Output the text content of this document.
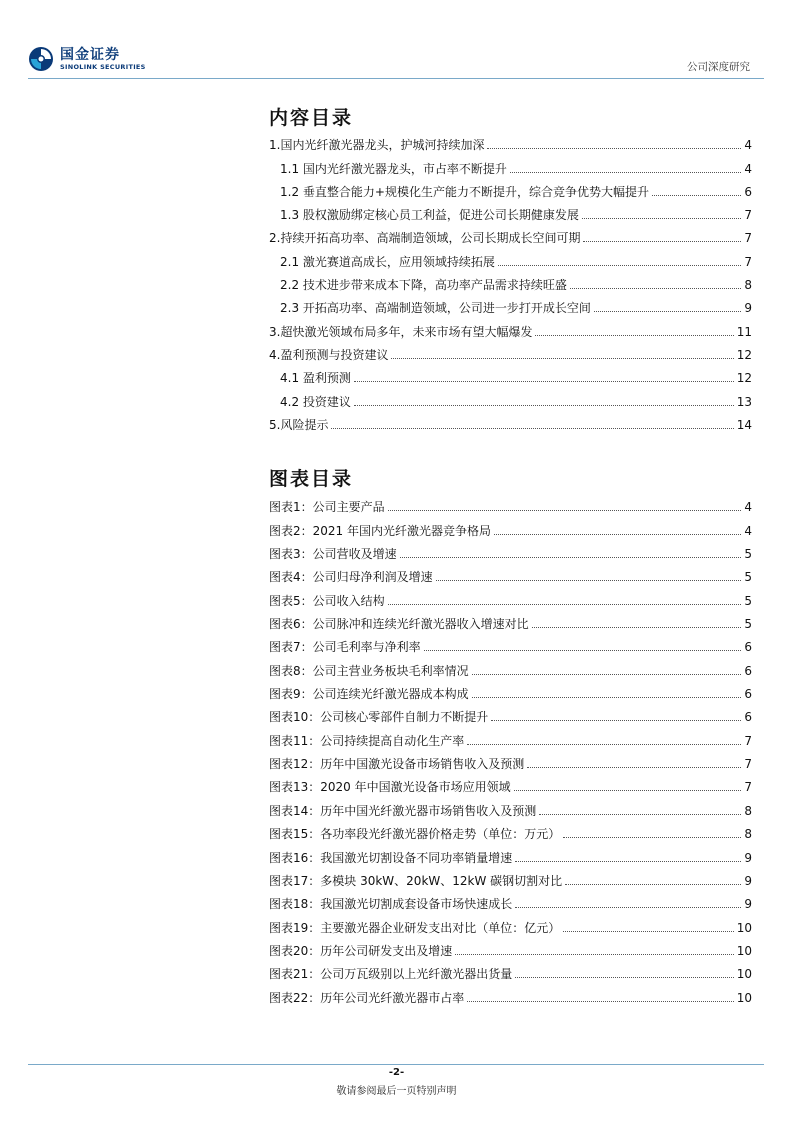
国金证券
SINOLINK SECURITIES	公司深度研究
内容目录
1.国内光纤激光器龙头，护城河持续加深	4
1.1 国内光纤激光器龙头，市占率不断提升	4
1.2 垂直整合能力+规模化生产能力不断提升，综合竞争优势大幅提升	6
1.3 股权激励绑定核心员工利益，促进公司长期健康发展	7
2.持续开拓高功率、高端制造领域，公司长期成长空间可期	7
2.1 激光赛道高成长，应用领域持续拓展	7
2.2 技术进步带来成本下降，高功率产品需求持续旺盛	8
2.3 开拓高功率、高端制造领域，公司进一步打开成长空间	9
3.超快激光领域布局多年，未来市场有望大幅爆发	11
4.盈利预测与投资建议	12
4.1 盈利预测	12
4.2 投资建议	13
5.风险提示	14
图表目录
图表1：公司主要产品	4
图表2：2021 年国内光纤激光器竞争格局	4
图表3：公司营收及增速	5
图表4：公司归母净利润及增速	5
图表5：公司收入结构	5
图表6：公司脉冲和连续光纤激光器收入增速对比	5
图表7：公司毛利率与净利率	6
图表8：公司主营业务板块毛利率情况	6
图表9：公司连续光纤激光器成本构成	6
图表10：公司核心零部件自制力不断提升	6
图表11：公司持续提高自动化生产率	7
图表12：历年中国激光设备市场销售收入及预测	7
图表13：2020 年中国激光设备市场应用领域	7
图表14：历年中国光纤激光器市场销售收入及预测	8
图表15：各功率段光纤激光器价格走势（单位：万元）	8
图表16：我国激光切割设备不同功率销量增速	9
图表17：多模块 30kW、20kW、12kW 碳钢切割对比	9
图表18：我国激光切割成套设备市场快速成长	9
图表19：主要激光器企业研发支出对比（单位：亿元）	10
图表20：历年公司研发支出及增速	10
图表21：公司万瓦级别以上光纤激光器出货量	10
图表22：历年公司光纤激光器市占率	10
-2-
敬请参阅最后一页特别声明
